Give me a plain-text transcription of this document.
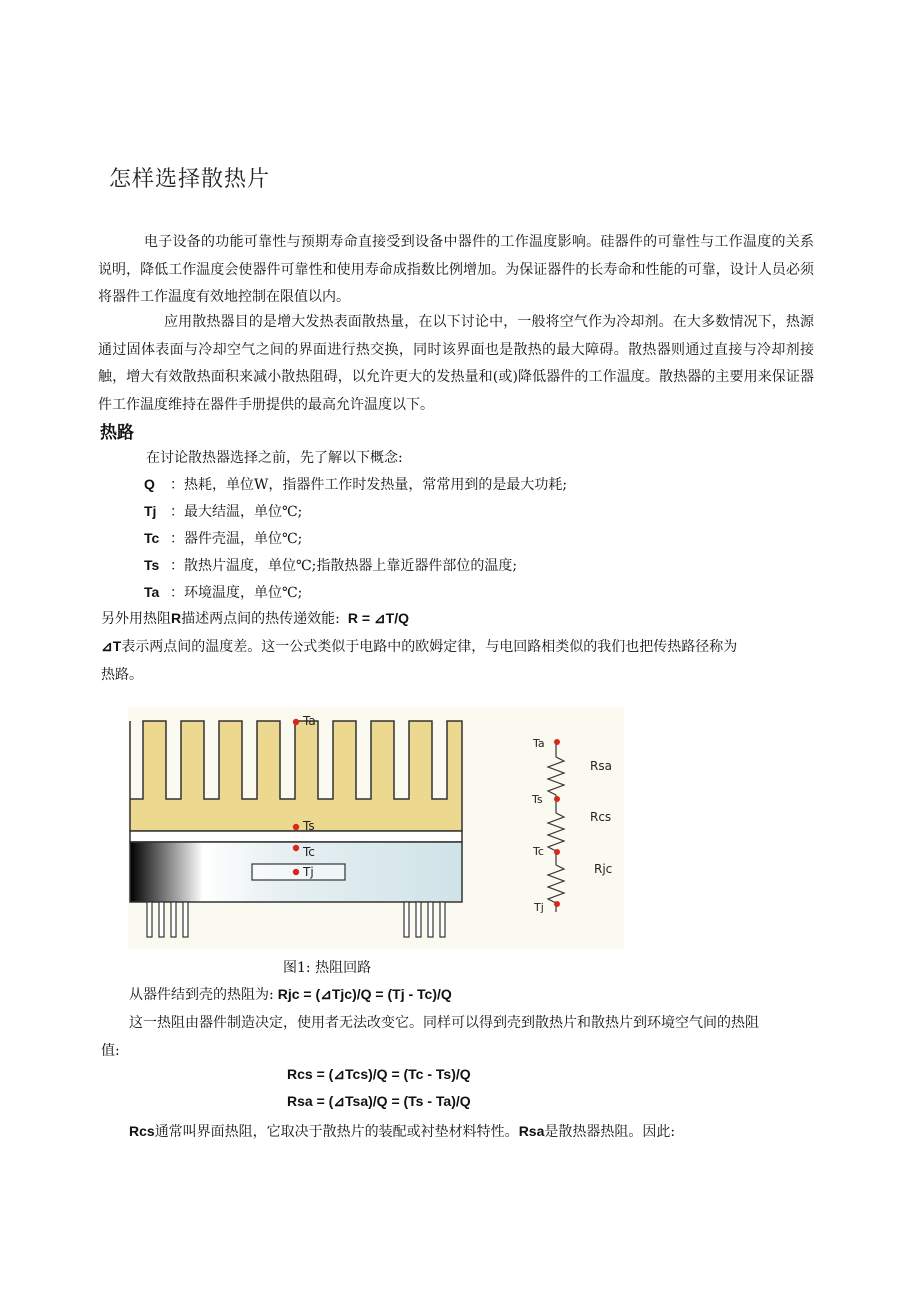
怎样选择散热片
电子设备的功能可靠性与预期寿命直接受到设备中器件的工作温度影响。硅器件的可靠性与工作温度的关系说明，降低工作温度会使器件可靠性和使用寿命成指数比例增加。为保证器件的长寿命和性能的可靠，设计人员必须将器件工作温度有效地控制在限值以内。
应用散热器目的是增大发热表面散热量，在以下讨论中，一般将空气作为冷却剂。在大多数情况下，热源通过固体表面与冷却空气之间的界面进行热交换，同时该界面也是散热的最大障碍。散热器则通过直接与冷却剂接触，增大有效散热面积来减小散热阻碍，以允许更大的发热量和(或)降低器件的工作温度。散热器的主要用来保证器件工作温度维持在器件手册提供的最高允许温度以下。
热路
在讨论散热器选择之前，先了解以下概念:
Q ：热耗，单位W，指器件工作时发热量，常常用到的是最大功耗;
Tj ：最大结温，单位℃;
Tc ：器件壳温，单位℃;
Ts ：散热片温度，单位℃;指散热器上靠近器件部位的温度;
Ta ：环境温度，单位℃;
另外用热阻R描述两点间的热传递效能: R = ⊿T/Q
⊿T表示两点间的温度差。这一公式类似于电路中的欧姆定律，与电回路相类似的我们也把传热路径称为
热路。
Ta
Ts
Tc
Tj
Ta
Ts
Tc
Tj
Rsa
Rcs
Rjc
图1: 热阻回路
从器件结到壳的热阻为: Rjc = (⊿Tjc)/Q = (Tj - Tc)/Q
这一热阻由器件制造决定，使用者无法改变它。同样可以得到壳到散热片和散热片到环境空气间的热阻
值:
Rcs = (⊿Tcs)/Q = (Tc - Ts)/Q
Rsa = (⊿Tsa)/Q = (Ts - Ta)/Q
Rcs通常叫界面热阻，它取决于散热片的装配或衬垫材料特性。Rsa是散热器热阻。因此:
